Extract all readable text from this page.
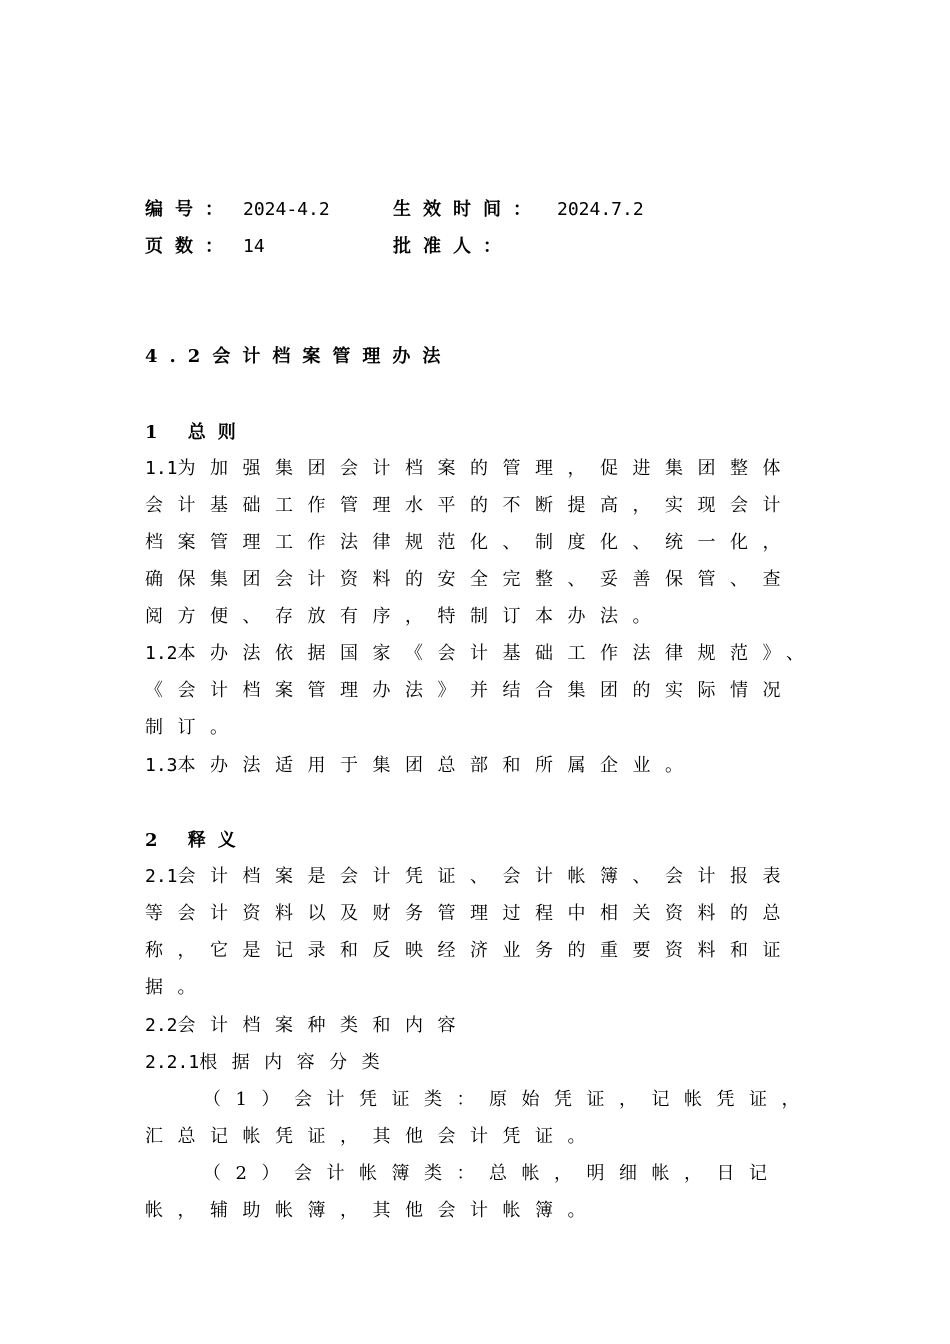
编号： 2024-4.2	生效时间： 2024.7.2
页数： 14	批准人：
4.2会计档案管理办法
1 总则
1.1为加强集团会计档案的管理，促进集团整体会计基础工作管理水平的不断提高，实现会计档案管理工作法律规范化、制度化、统一化，确保集团会计资料的安全完整、妥善保管、查阅方便、存放有序，特制订本办法。
1.2本办法依据国家《会计基础工作法律规范》、《会计档案管理办法》并结合集团的实际情况制订。
1.3本办法适用于集团总部和所属企业。
2 释义
2.1会计档案是会计凭证、会计帐簿、会计报表等会计资料以及财务管理过程中相关资料的总称，它是记录和反映经济业务的重要资料和证据。
2.2会计档案种类和内容
2.2.1根据内容分类
（1）会计凭证类：原始凭证，记帐凭证，汇总记帐凭证，其他会计凭证。
（2）会计帐簿类：总帐，明细帐，日记帐，辅助帐簿，其他会计帐簿。
